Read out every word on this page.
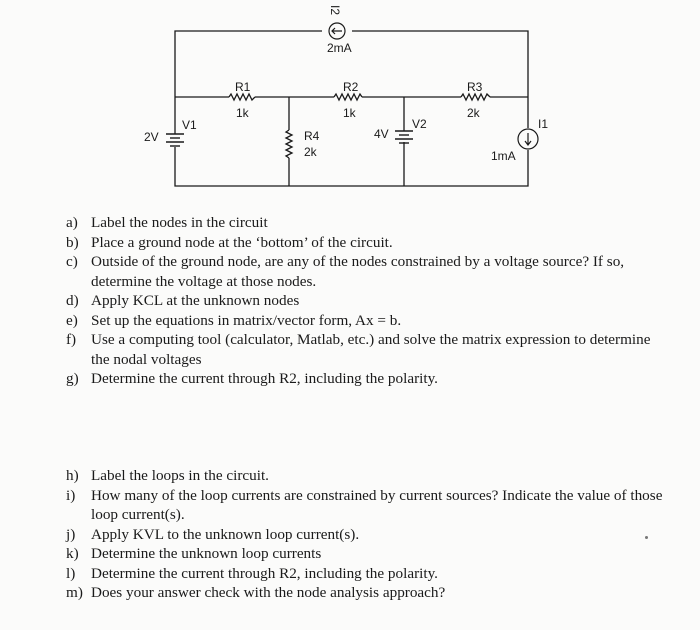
R1
1k
R2
1k
R3
2k
R4
2k
I2
2mA
V1
2V
V2
4V
I1
1mA
a) Label the nodes in the circuit
b) Place a ground node at the ‘bottom’ of the circuit.
c) Outside of the ground node, are any of the nodes constrained by a voltage source? If so, determine the voltage at those nodes.
d) Apply KCL at the unknown nodes
e) Set up the equations in matrix/vector form, Ax = b.
f) Use a computing tool (calculator, Matlab, etc.) and solve the matrix expression to determine the nodal voltages
g) Determine the current through R2, including the polarity.
h) Label the loops in the circuit.
i) How many of the loop currents are constrained by current sources? Indicate the value of those loop current(s).
j) Apply KVL to the unknown loop current(s).
k) Determine the unknown loop currents
l) Determine the current through R2, including the polarity.
m) Does your answer check with the node analysis approach?
